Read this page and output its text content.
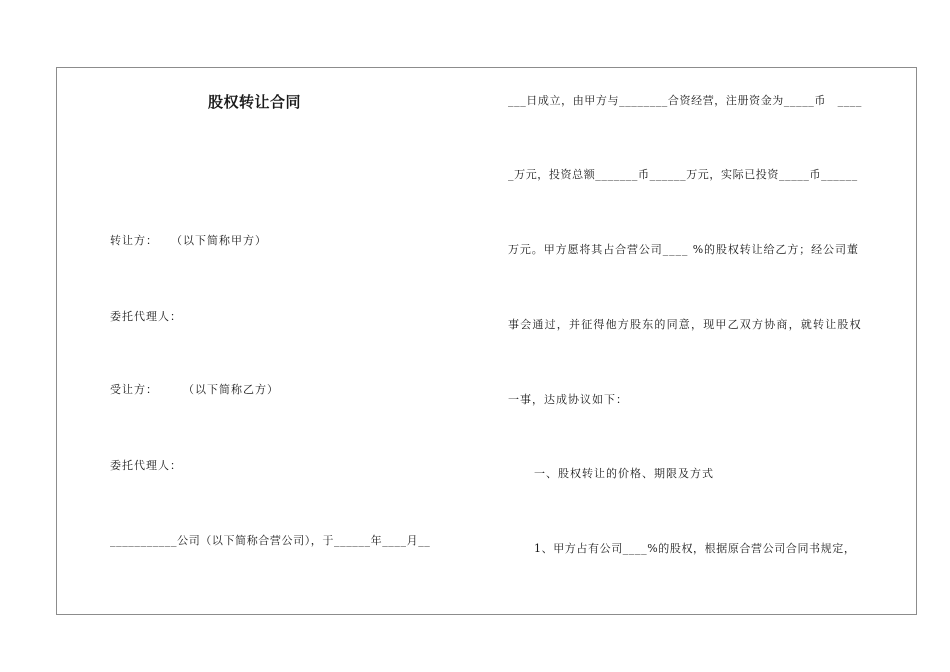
股权转让合同
转让方：　　（以下简称甲方）
委托代理人：
受让方：　　　（以下简称乙方）
委托代理人：
___________公司（以下简称合营公司），于______年____月__
___日成立，由甲方与________合资经营，注册资金为_____币　____
_万元，投资总额_______币______万元，实际已投资_____币______
万元。甲方愿将其占合营公司____ %的股权转让给乙方；经公司董
事会通过，并征得他方股东的同意，现甲乙双方协商，就转让股权
一事，达成协议如下：
一、股权转让的价格、期限及方式
1、甲方占有公司____%的股权，根据原合营公司合同书规定，
